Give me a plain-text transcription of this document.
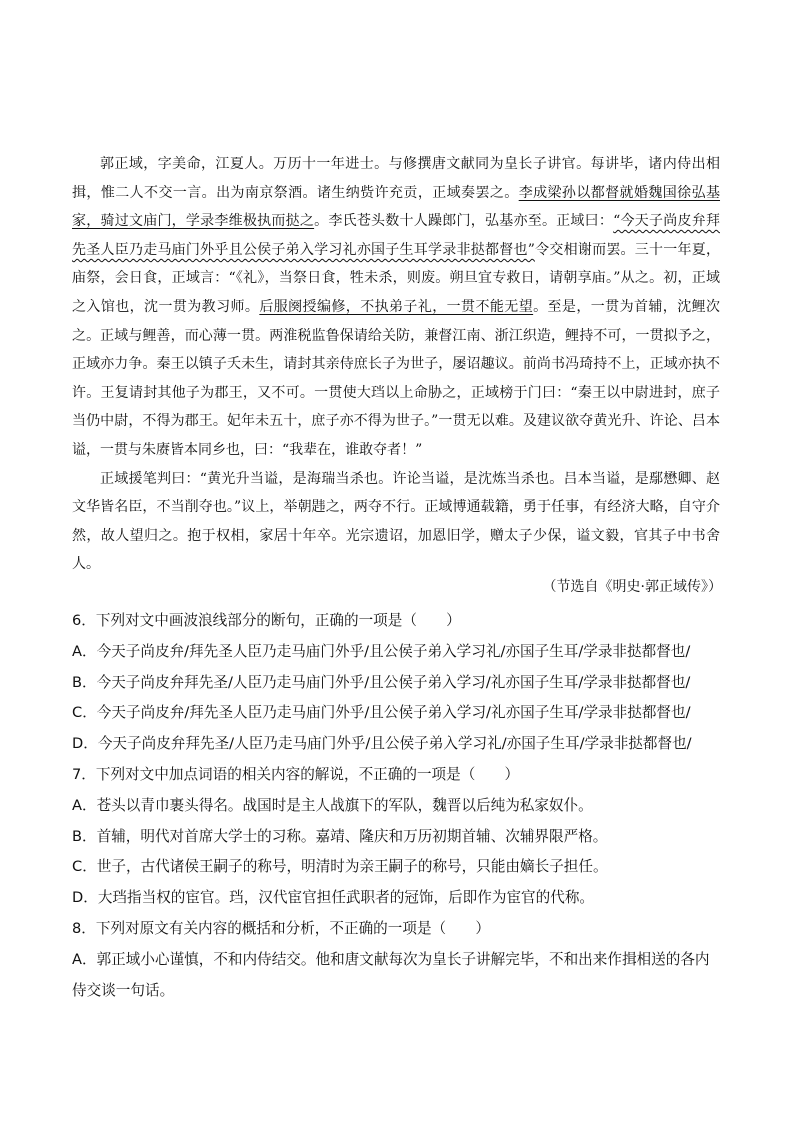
郭正域，字美命，江夏人。万历十一年进士。与修撰唐文献同为皇长子讲官。每讲毕，诸内侍出相揖，惟二人不交一言。出为南京祭酒。诸生纳赀许充贡，正域奏罢之。李成梁孙以都督就婚魏国徐弘基家，骑过文庙门，学录李维极执而挞之。李氏苍头数十人躁郎门，弘基亦至。正域曰：“今天子尚皮弁拜先圣人臣乃走马庙门外乎且公侯子弟入学习礼亦国子生耳学录非挞都督也”令交相谢而罢。三十一年夏，庙祭，会日食，正域言：“《礼》，当祭日食，牲未杀，则废。朔旦宜专救日，请朝享庙。”从之。初，正域之入馆也，沈一贯为教习师。后服阕授编修，不执弟子礼，一贯不能无望。至是，一贯为首辅，沈鲤次之。正域与鲤善，而心薄一贯。两淮税监鲁保请给关防，兼督江南、浙江织造，鲤持不可，一贯拟予之，正域亦力争。秦王以镇子夭未生，请封其亲侍庶长子为世子，屡诏趣议。前尚书冯琦持不上，正域亦执不许。王复请封其他子为郡王，又不可。一贯使大珰以上命胁之，正域榜于门曰：“秦王以中尉进封，庶子当仍中尉，不得为郡王。妃年未五十，庶子亦不得为世子。”一贯无以难。及建议欲夺黄光升、许论、吕本谥，一贯与朱赓皆本同乡也，曰：“我辈在，谁敢夺者！”

正域援笔判曰：“黄光升当谥，是海瑞当杀也。许论当谥，是沈炼当杀也。吕本当谥，是鄢懋卿、赵文华皆名臣，不当削夺也。”议上，举朝韪之，两夺不行。正域博通载籍，勇于任事，有经济大略，自守介然，故人望归之。抱于权相，家居十年卒。光宗遗诏，加恩旧学，赠太子少保，谥文毅，官其子中书舍人。

（节选自《明史·郭正域传》）
6．下列对文中画波浪线部分的断句，正确的一项是（　　）
A．今天子尚皮弁/拜先圣人臣乃走马庙门外乎/且公侯子弟入学习礼/亦国子生耳/学录非挞都督也/
B．今天子尚皮弁拜先圣/人臣乃走马庙门外乎/且公侯子弟入学习/礼亦国子生耳/学录非挞都督也/
C．今天子尚皮弁/拜先圣人臣乃走马庙门外乎/且公侯子弟入学习/礼亦国子生耳/学录非挞都督也/
D．今天子尚皮弁拜先圣/人臣乃走马庙门外乎/且公侯子弟入学习礼/亦国子生耳/学录非挞都督也/
7．下列对文中加点词语的相关内容的解说，不正确的一项是（　　）
A．苍头以青巾裹头得名。战国时是主人战旗下的军队，魏晋以后纯为私家奴仆。
B．首辅，明代对首席大学士的习称。嘉靖、隆庆和万历初期首辅、次辅界限严格。
C．世子，古代诸侯王嗣子的称号，明清时为亲王嗣子的称号，只能由嫡长子担任。
D．大珰指当权的宦官。珰，汉代宦官担任武职者的冠饰，后即作为宦官的代称。
8．下列对原文有关内容的概括和分析，不正确的一项是（　　）
A．郭正域小心谨慎，不和内侍结交。他和唐文献每次为皇长子讲解完毕，不和出来作揖相送的各内侍交谈一句话。
